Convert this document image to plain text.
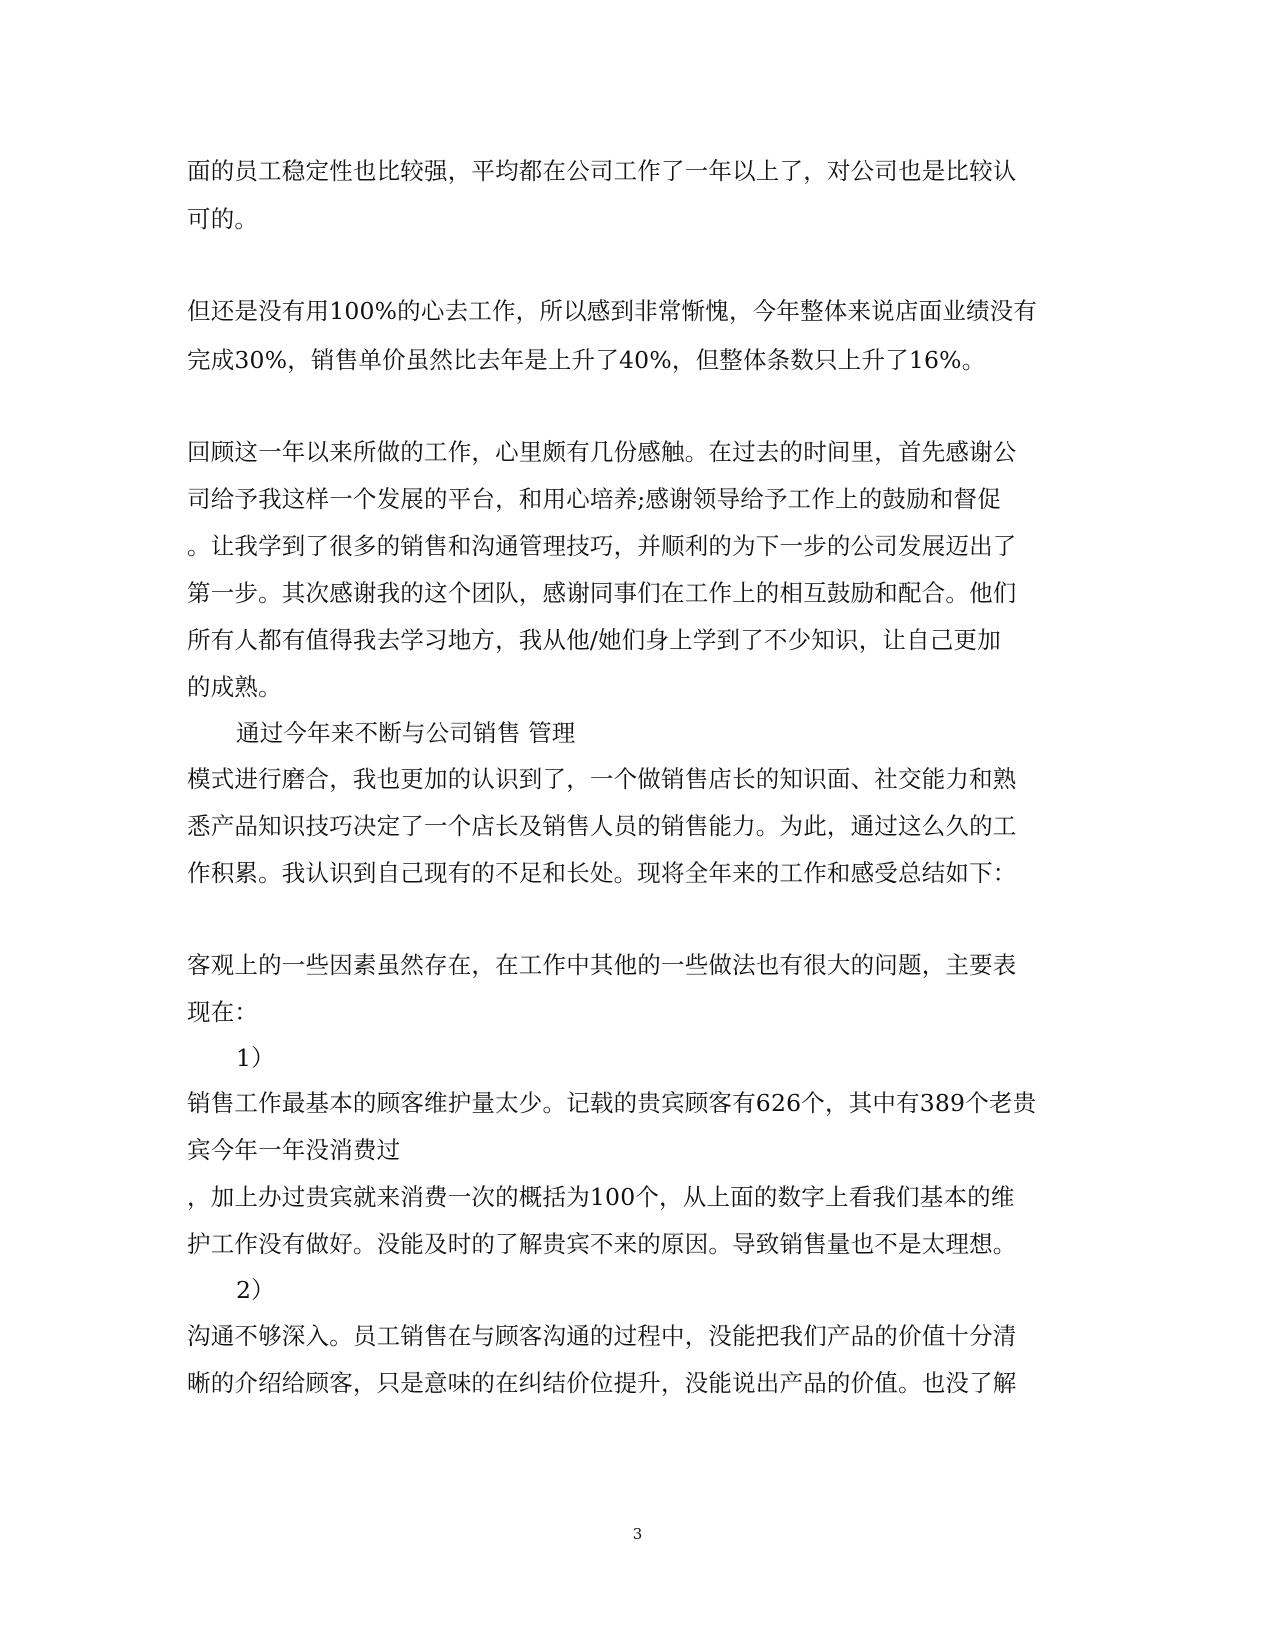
面的员工稳定性也比较强，平均都在公司工作了一年以上了，对公司也是比较认
可的。
但还是没有用100%的心去工作，所以感到非常惭愧，今年整体来说店面业绩没有
完成30%，销售单价虽然比去年是上升了40%，但整体条数只上升了16%。
回顾这一年以来所做的工作，心里颇有几份感触。在过去的时间里，首先感谢公
司给予我这样一个发展的平台，和用心培养;感谢领导给予工作上的鼓励和督促
。让我学到了很多的销售和沟通管理技巧，并顺利的为下一步的公司发展迈出了
第一步。其次感谢我的这个团队，感谢同事们在工作上的相互鼓励和配合。他们
所有人都有值得我去学习地方，我从他/她们身上学到了不少知识，让自己更加
的成熟。
通过今年来不断与公司销售 管理
模式进行磨合，我也更加的认识到了，一个做销售店长的知识面、社交能力和熟
悉产品知识技巧决定了一个店长及销售人员的销售能力。为此，通过这么久的工
作积累。我认识到自己现有的不足和长处。现将全年来的工作和感受总结如下：
客观上的一些因素虽然存在，在工作中其他的一些做法也有很大的问题，主要表
现在：
1）
销售工作最基本的顾客维护量太少。记载的贵宾顾客有626个，其中有389个老贵
宾今年一年没消费过
，加上办过贵宾就来消费一次的概括为100个，从上面的数字上看我们基本的维
护工作没有做好。没能及时的了解贵宾不来的原因。导致销售量也不是太理想。
2）
沟通不够深入。员工销售在与顾客沟通的过程中，没能把我们产品的价值十分清
晰的介绍给顾客，只是意味的在纠结价位提升，没能说出产品的价值。也没了解
3
